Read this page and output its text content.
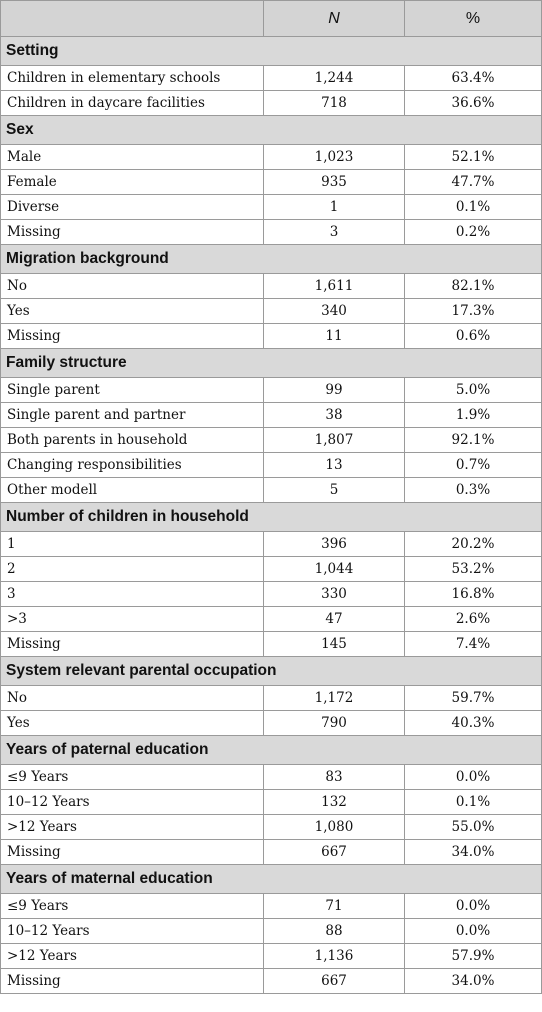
	N	%
Setting		
Children in elementary schools	1,244	63.4%
Children in daycare facilities	718	36.6%
Sex		
Male	1,023	52.1%
Female	935	47.7%
Diverse	1	0.1%
Missing	3	0.2%
Migration background		
No	1,611	82.1%
Yes	340	17.3%
Missing	11	0.6%
Family structure		
Single parent	99	5.0%
Single parent and partner	38	1.9%
Both parents in household	1,807	92.1%
Changing responsibilities	13	0.7%
Other modell	5	0.3%
Number of children in household		
1	396	20.2%
2	1,044	53.2%
3	330	16.8%
>3	47	2.6%
Missing	145	7.4%
System relevant parental occupation		
No	1,172	59.7%
Yes	790	40.3%
Years of paternal education		
≤9 Years	83	0.0%
10–12 Years	132	0.1%
>12 Years	1,080	55.0%
Missing	667	34.0%
Years of maternal education		
≤9 Years	71	0.0%
10–12 Years	88	0.0%
>12 Years	1,136	57.9%
Missing	667	34.0%
